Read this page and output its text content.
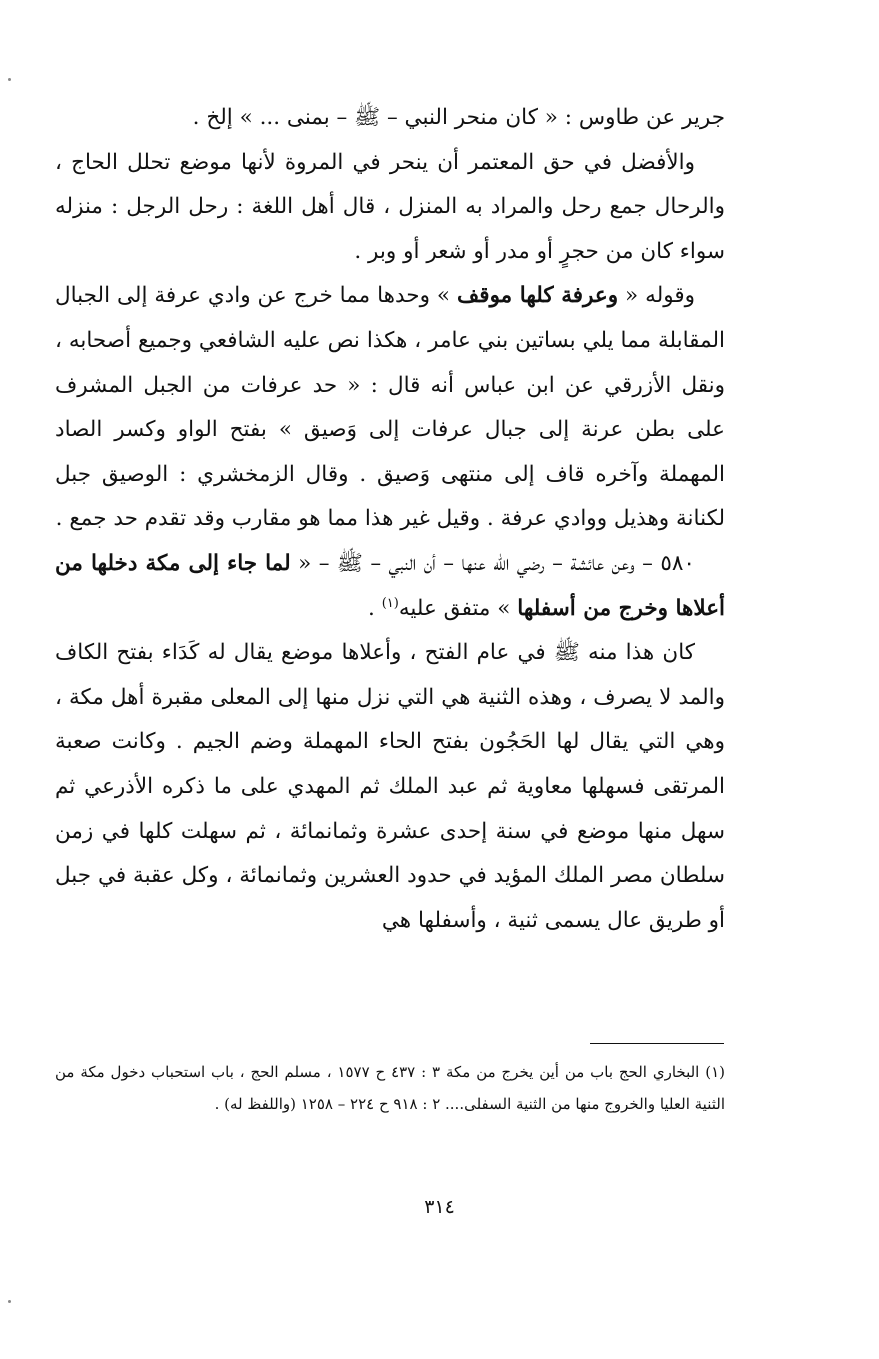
جرير عن طاوس : « كان منحر النبي – ﷺ – بمنى ... » إلخ .

والأفضل في حق المعتمر أن ينحر في المروة لأنها موضع تحلل الحاج ، والرحال جمع رحل والمراد به المنزل ، قال أهل اللغة : رحل الرجل : منزله سواء كان من حجرٍ أو مدر أو شعر أو وبر .

وقوله « وعرفة كلها موقف » وحدها مما خرج عن وادي عرفة إلى الجبال المقابلة مما يلي بساتين بني عامر ، هكذا نص عليه الشافعي وجميع أصحابه ، ونقل الأزرقي عن ابن عباس أنه قال : « حد عرفات من الجبل المشرف على بطن عرنة إلى جبال عرفات إلى وَصيق » بفتح الواو وكسر الصاد المهملة وآخره قاف إلى منتهى وَصيق . وقال الزمخشري : الوصيق جبل لكنانة وهذيل ووادي عرفة . وقيل غير هذا مما هو مقارب وقد تقدم حد جمع .

٥٨٠ – وعن عائشة – رضي اللّه عنها – أن النبي – ﷺ – « لما جاء إلى مكة دخلها من أعلاها وخرج من أسفلها » متفق عليه$^{(١)}$ .

كان هذا منه ﷺ في عام الفتح ، وأعلاها موضع يقال له كَدَاء بفتح الكاف والمد لا يصرف ، وهذه الثنية هي التي نزل منها إلى المعلى مقبرة أهل مكة ، وهي التي يقال لها الحَجُون بفتح الحاء المهملة وضم الجيم . وكانت صعبة المرتقى فسهلها معاوية ثم عبد الملك ثم المهدي على ما ذكره الأذرعي ثم سهل منها موضع في سنة إحدى عشرة وثمانمائة ، ثم سهلت كلها في زمن سلطان مصر الملك المؤيد في حدود العشرين وثمانمائة ، وكل عقبة في جبل أو طريق عال يسمى ثنية ، وأسفلها هي

(١) البخاري الحج باب من أين يخرج من مكة ٣ : ٤٣٧ ح ١٥٧٧ ، مسلم الحج ، باب استحباب دخول مكة من الثنية العليا والخروج منها من الثنية السفلى.... ٢ : ٩١٨ ح ٢٢٤ – ١٢٥٨ (واللفظ له) .

٣١٤
